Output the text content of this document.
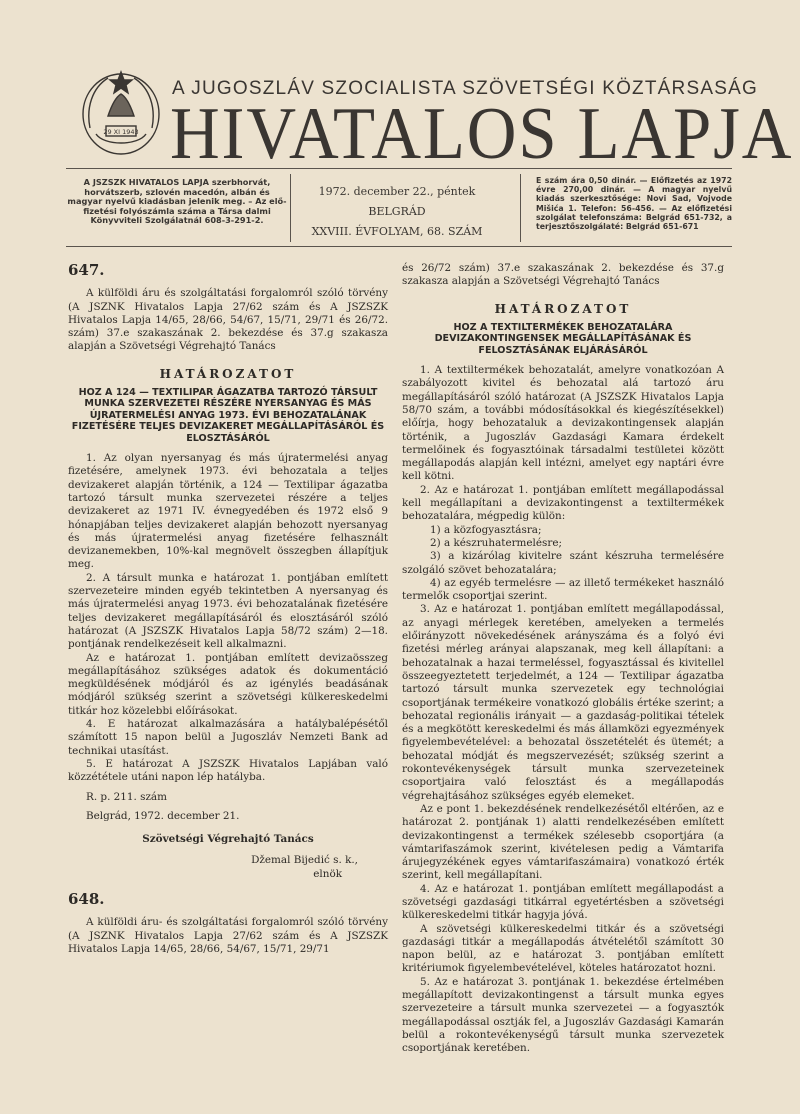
29 XI 1943
A JUGOSZLÁV SZOCIALISTA SZÖVETSÉGI KÖZTÁRSASÁG
HIVATALOS LAPJA
A JSZSZK HIVATALOS LAPJA szerbhorvát, horvátszerb, szlovén macedón, albán és magyar nyelvű kiadásban jelenik meg. – Az elő-fizetési folyószámla száma a Társa dalmi Könyvviteli Szolgálatnál 608-3-291-2.
1972. december 22., péntek
BELGRÁD
XXVIII. ÉVFOLYAM, 68. SZÁM
E szám ára 0,50 dinár. — Előfizetés az 1972 évre 270,00 dinár. — A magyar nyelvű kiadás szerkesztősége: Novi Sad, Vojvode Mišića 1. Telefon: 56-456. — Az előfizetési szolgálat telefonszáma: Belgrád 651-732, a terjesztőszolgálaté: Belgrád 651-671
647.

A külföldi áru és szolgáltatási forgalomról szóló törvény (A JSZNK Hivatalos Lapja 27/62 szám és A JSZSZK Hivatalos Lapja 14/65, 28/66, 54/67, 15/71, 29/71 és 26/72. szám) 37.e szakaszának 2. bekezdése és 37.g szakasza alapján a Szövetségi Végrehajtó Tanács

HATÁROZATOT
HOZ A 124 — TEXTILIPAR ÁGAZATBA TARTOZÓ TÁRSULT MUNKA SZERVEZETEI RÉSZÉRE NYERSANYAG ÉS MÁS ÚJRATERMELÉSI ANYAG 1973. ÉVI BEHOZATALÁNAK FIZETÉSÉRE TELJES DEVIZAKERET MEGÁLLAPÍTÁSÁRÓL ÉS ELOSZTÁSÁRÓL

1. Az olyan nyersanyag és más újratermelési anyag fizetésére, amelynek 1973. évi behozatala a teljes devizakeret alapján történik, a 124 — Textilipar ágazatba tartozó társult munka szervezetei részére a teljes devizakeret az 1971 IV. évnegyedében és 1972 első 9 hónapjában teljes devizakeret alapján behozott nyersanyag és más újratermelési anyag fizetésére felhasznált devizanemekben, 10%-kal megnövelt összegben állapítjuk meg.

2. A társult munka e határozat 1. pontjában említett szervezeteire minden egyéb tekintetben A nyersanyag és más újratermelési anyag 1973. évi behozatalának fizetésére teljes devizakeret megállapításáról és elosztásáról szóló határozat (A JSZSZK Hivatalos Lapja 58/72 szám) 2—18. pontjának rendelkezéseit kell alkalmazni.

Az e határozat 1. pontjában említett devizaösszeg megállapításához szükséges adatok és dokumentáció megküldésének módjáról és az igénylés beadásának módjáról szükség szerint a szövetségi külkereskedelmi titkár hoz közelebbi előírásokat.

4. E határozat alkalmazására a hatálybalépésétől számított 15 napon belül a Jugoszláv Nemzeti Bank ad technikai utasítást.

5. E határozat A JSZSZK Hivatalos Lapjában való közzététele utáni napon lép hatályba.

R. p. 211. szám

Belgrád, 1972. december 21.

Szövetségi Végrehajtó Tanács
Džemal Bijedić s. k.,
elnök
648.

A külföldi áru- és szolgáltatási forgalomról szóló törvény (A JSZNK Hivatalos Lapja 27/62 szám és A JSZSZK Hivatalos Lapja 14/65, 28/66, 54/67, 15/71, 29/71

és 26/72 szám) 37.e szakaszának 2. bekezdése és 37.g szakasza alapján a Szövetségi Végrehajtó Tanács

HATÁROZATOT
HOZ A TEXTILTERMÉKEK BEHOZATALÁRA DEVIZAKONTINGENSEK MEGÁLLAPÍTÁSÁNAK ÉS FELOSZTÁSÁNAK ELJÁRÁSÁRÓL

1. A textiltermékek behozatalát, amelyre vonatkozóan A szabályozott kivitel és behozatal alá tartozó áru megállapításáról szóló határozat (A JSZSZK Hivatalos Lapja 58/70 szám, a további módosításokkal és kiegészítésekkel) előírja, hogy behozataluk a devizakontingensek alapján történik, a Jugoszláv Gazdasági Kamara érdekelt termelőinek és fogyasztóinak társadalmi testületei között megállapodás alapján kell intézni, amelyet egy naptári évre kell kötni.

2. Az e határozat 1. pontjában említett megállapodással kell megállapítani a devizakontingenst a textiltermékek behozatalára, mégpedig külön:

1) a közfogyasztásra;

2) a készruhatermelésre;

3) a kizárólag kivitelre szánt készruha termelésére szolgáló szövet behozatalára;

4) az egyéb termelésre — az illető termékeket használó termelők csoportjai szerint.

3. Az e határozat 1. pontjában említett megállapodással, az anyagi mérlegek keretében, amelyeken a termelés előirányzott növekedésének arányszáma és a folyó évi fizetési mérleg arányai alapszanak, meg kell állapítani: a behozatalnak a hazai termeléssel, fogyasztással és kivitellel összeegyeztetett terjedelmét, a 124 — Textilipar ágazatba tartozó társult munka szervezetek egy technológiai csoportjának termékeire vonatkozó globális értéke szerint; a behozatal regionális irányait — a gazdaság-politikai tételek és a megkötött kereskedelmi és más államközi egyezmények figyelembevételével: a behozatal összetételét és ütemét; a behozatal módját és megszervezését; szükség szerint a rokontevékenységek társult munka szervezeteinek csoportjaira való felosztást és a megállapodás végrehajtásához szükséges egyéb elemeket.

Az e pont 1. bekezdésének rendelkezésétől eltérően, az e határozat 2. pontjának 1) alatti rendelkezésében említett devizakontingenst a termékek szélesebb csoportjára (a vámtarifaszámok szerint, kivételesen pedig a Vámtarifa árujegyzékének egyes vámtarifaszámaira) vonatkozó érték szerint, kell megállapítani.

4. Az e határozat 1. pontjában említett megállapodást a szövetségi gazdasági titkárral egyetértésben a szövetségi külkereskedelmi titkár hagyja jóvá.

A szövetségi külkereskedelmi titkár és a szövetségi gazdasági titkár a megállapodás átvételétől számított 30 napon belül, az e határozat 3. pontjában említett kritériumok figyelembevételével, köteles határozatot hozni.

5. Az e határozat 3. pontjának 1. bekezdése értelmében megállapított devizakontingenst a társult munka egyes szervezeteire a társult munka szervezetei — a fogyasztók megállapodással osztják fel, a Jugoszláv Gazdasági Kamarán belül a rokontevékenységű társult munka szervezetek csoportjának keretében.
